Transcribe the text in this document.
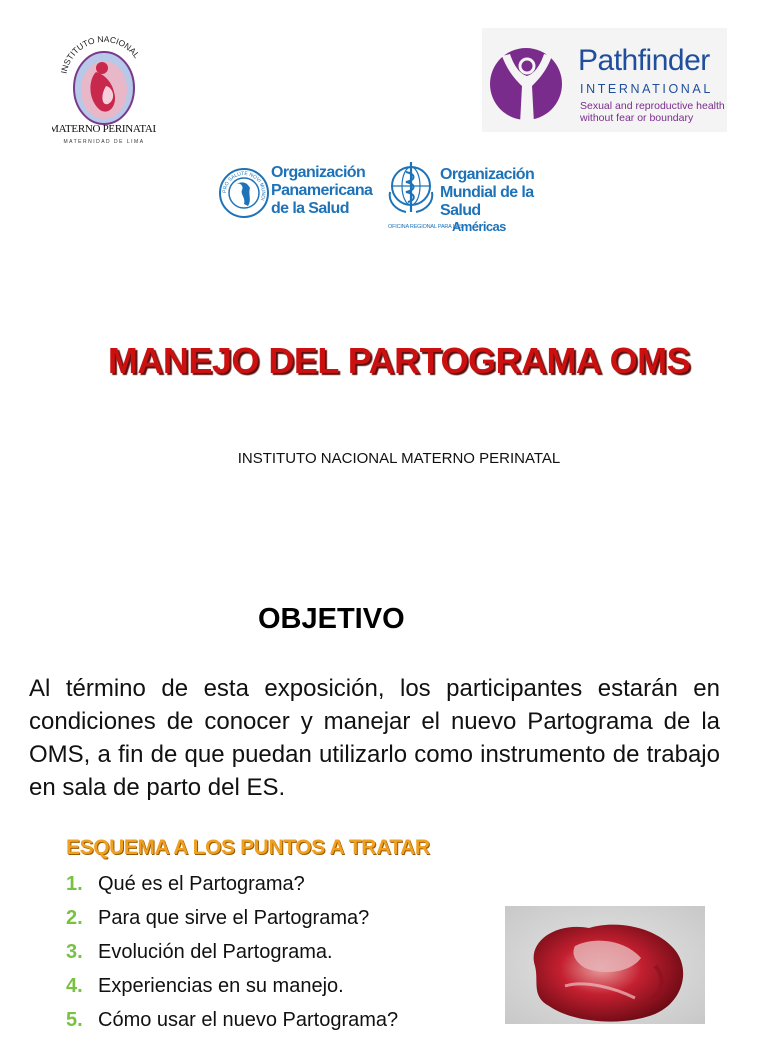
INSTITUTO NACIONAL
MATERNO PERINATAL
MATERNIDAD DE LIMA
Pathfinder
INTERNATIONAL
Sexual and reproductive health
without fear or boundary
PRO SALUTE NOVI MUNDI
Organización
Panamericana
de la Salud
Organización
Mundial de la Salud
OFICINA REGIONAL PARA LAS
Américas
MANEJO DEL PARTOGRAMA OMS
INSTITUTO NACIONAL MATERNO PERINATAL
OBJETIVO
Al término de esta exposición, los participantes estarán en condiciones de conocer y manejar el nuevo Partograma de la OMS, a fin de que puedan utilizarlo como instrumento de trabajo en sala de parto del ES.
ESQUEMA A LOS PUNTOS A TRATAR
1. Qué es el Partograma?
2. Para que sirve el Partograma?
3. Evolución del Partograma.
4. Experiencias en su manejo.
5. Cómo usar el nuevo Partograma?
